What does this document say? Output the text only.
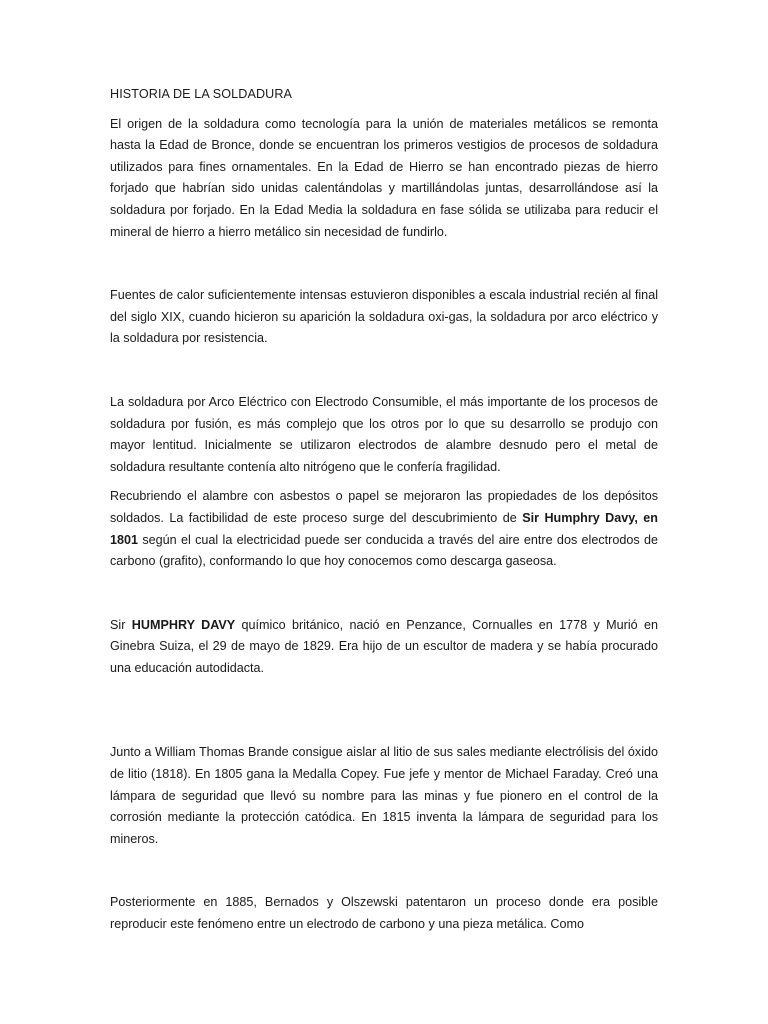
HISTORIA DE LA SOLDADURA

El origen de la soldadura como tecnología para la unión de materiales metálicos se remonta hasta la Edad de Bronce, donde se encuentran los primeros vestigios de procesos de soldadura utilizados para fines ornamentales. En la Edad de Hierro se han encontrado piezas de hierro forjado que habrían sido unidas calentándolas y martillándolas juntas, desarrollándose así la soldadura por forjado. En la Edad Media la soldadura en fase sólida se utilizaba para reducir el mineral de hierro a hierro metálico sin necesidad de fundirlo.

Fuentes de calor suficientemente intensas estuvieron disponibles a escala industrial recién al final del siglo XIX, cuando hicieron su aparición la soldadura oxi-gas, la soldadura por arco eléctrico y la soldadura por resistencia.

La soldadura por Arco Eléctrico con Electrodo Consumible, el más importante de los procesos de soldadura por fusión, es más complejo que los otros por lo que su desarrollo se produjo con mayor lentitud. Inicialmente se utilizaron electrodos de alambre desnudo pero el metal de soldadura resultante contenía alto nitrógeno que le confería fragilidad.

Recubriendo el alambre con asbestos o papel se mejoraron las propiedades de los depósitos soldados. La factibilidad de este proceso surge del descubrimiento de Sir Humphry Davy, en 1801 según el cual la electricidad puede ser conducida a través del aire entre dos electrodos de carbono (grafito), conformando lo que hoy conocemos como descarga gaseosa.

Sir HUMPHRY DAVY químico británico, nació en Penzance, Cornualles en 1778 y Murió en Ginebra Suiza, el 29 de mayo de 1829. Era hijo de un escultor de madera y se había procurado una educación autodidacta.

Junto a William Thomas Brande consigue aislar al litio de sus sales mediante electrólisis del óxido de litio (1818). En 1805 gana la Medalla Copey. Fue jefe y mentor de Michael Faraday. Creó una lámpara de seguridad que llevó su nombre para las minas y fue pionero en el control de la corrosión mediante la protección catódica. En 1815 inventa la lámpara de seguridad para los mineros.

Posteriormente en 1885, Bernados y Olszewski patentaron un proceso donde era posible reproducir este fenómeno entre un electrodo de carbono y una pieza metálica. Como
